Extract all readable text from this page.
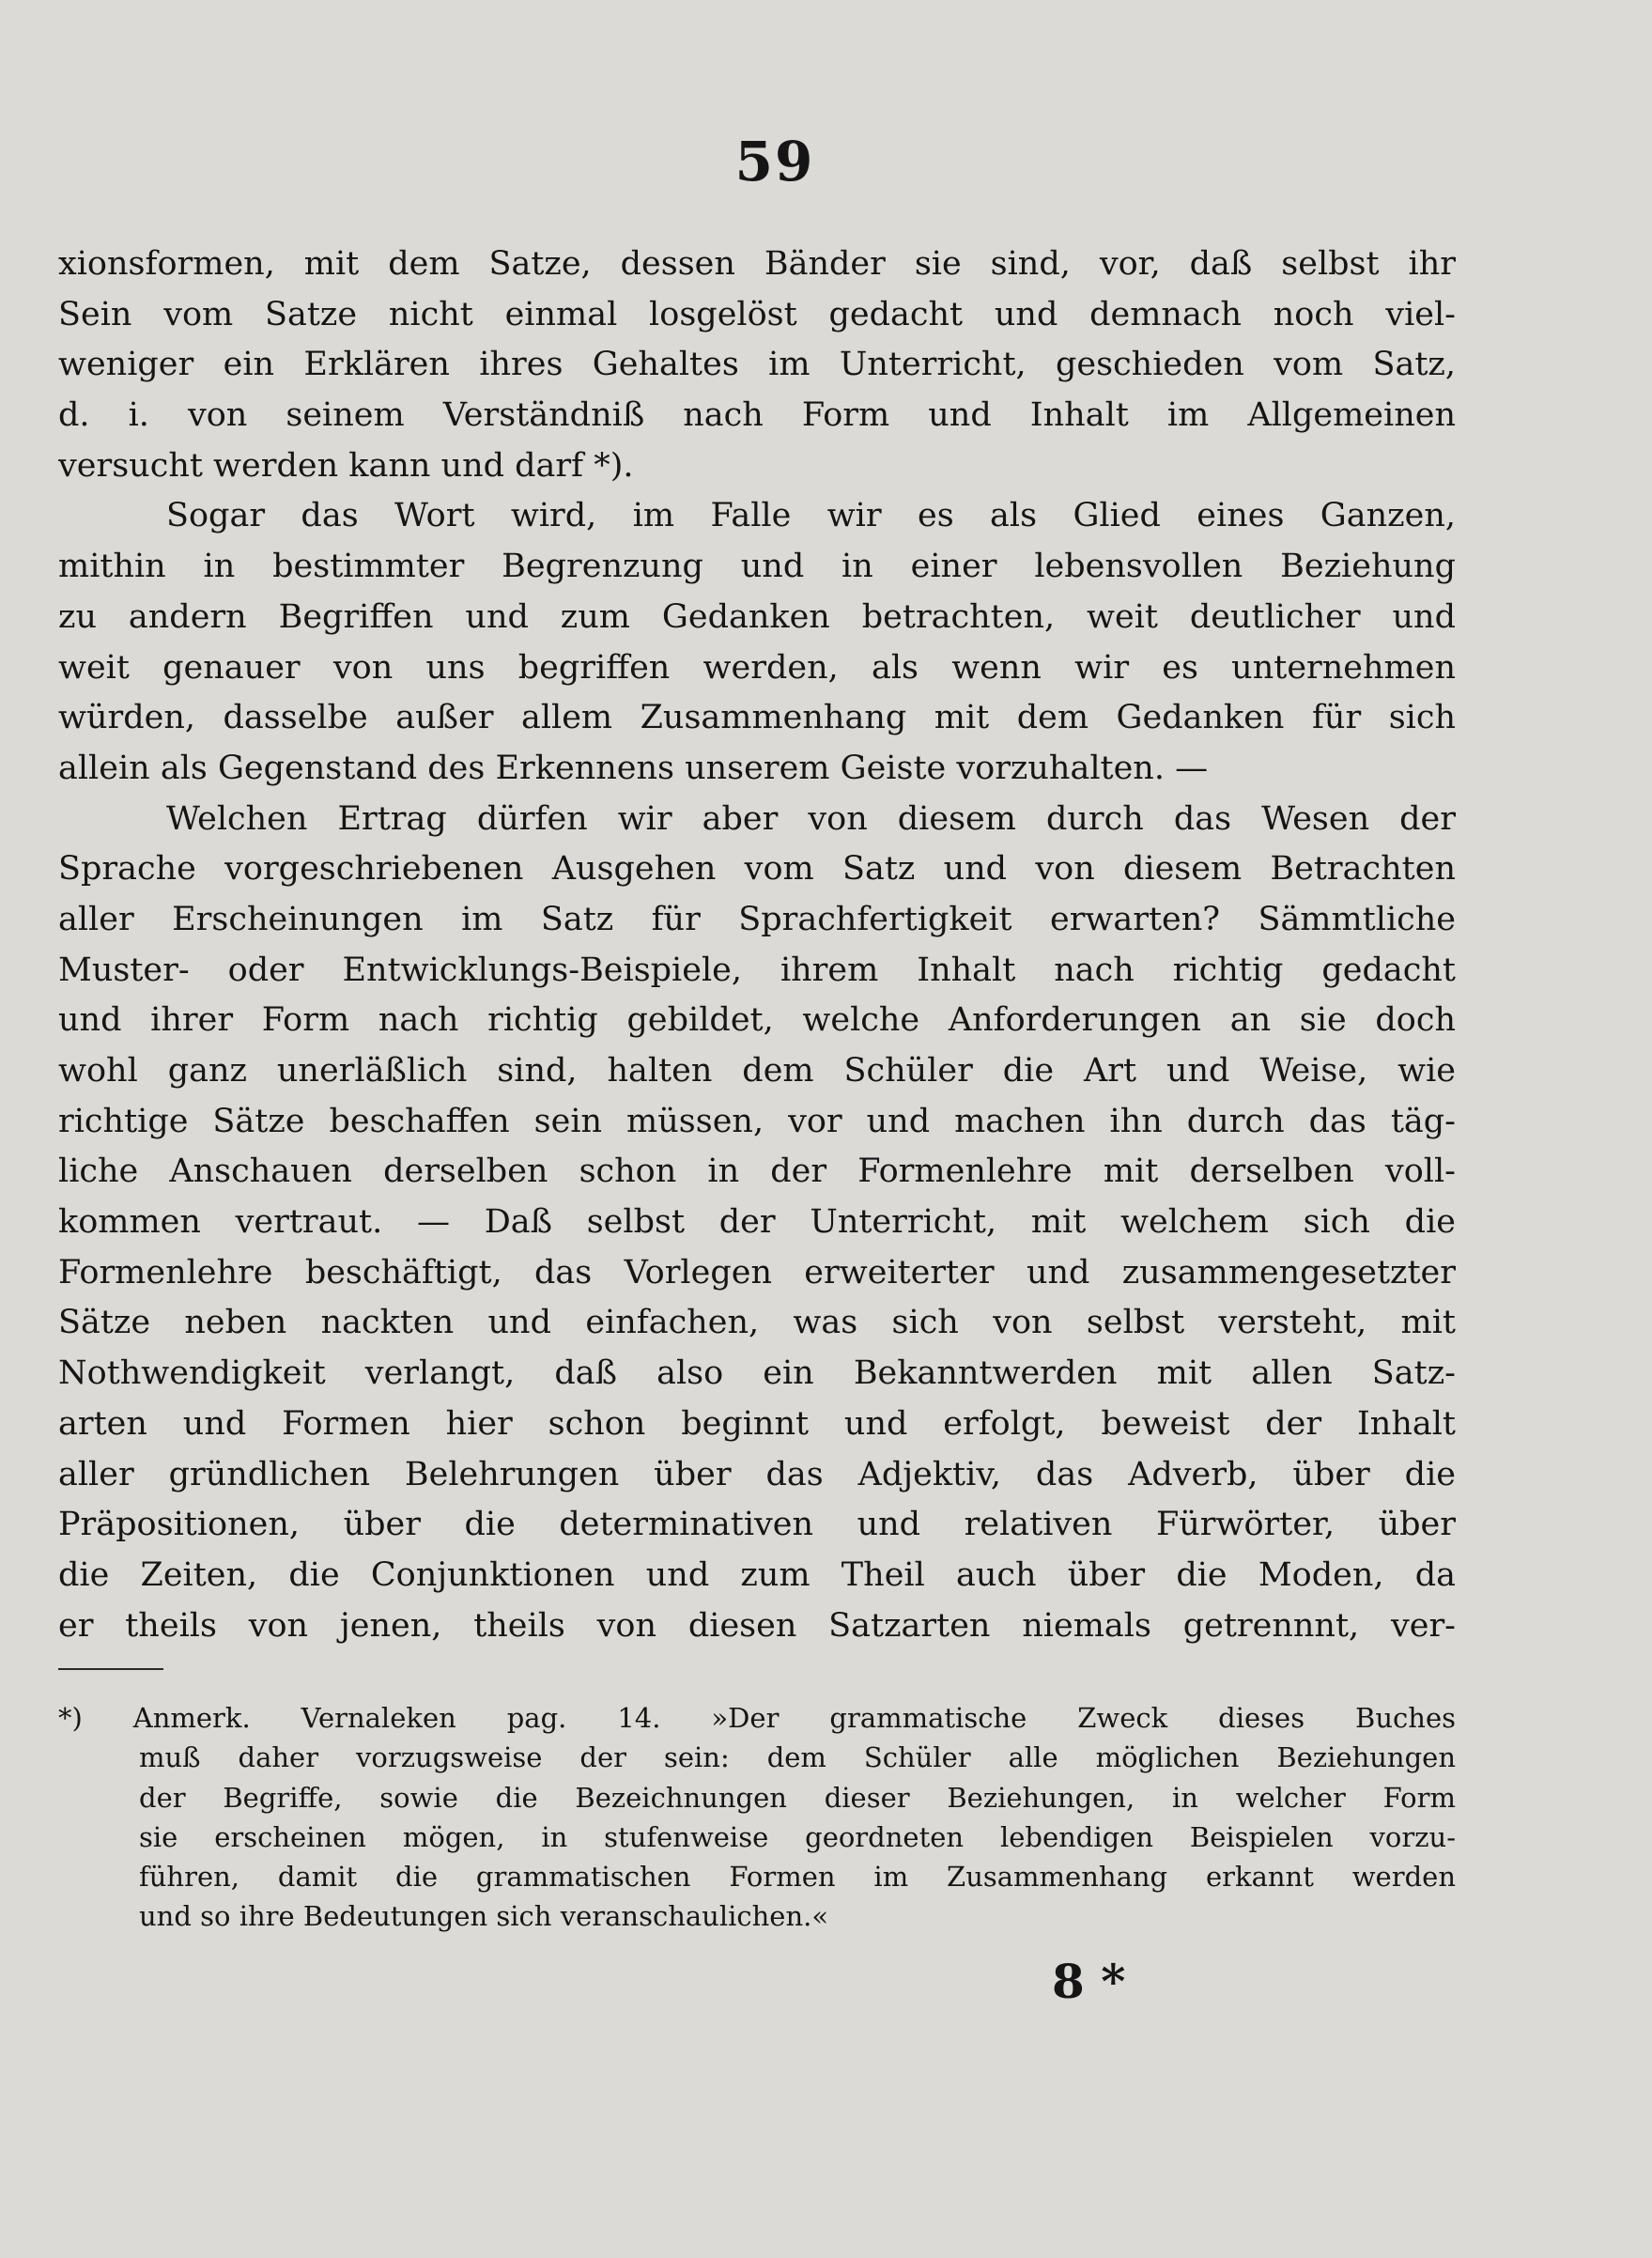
59
xionsformen, mit dem Satze, dessen Bänder sie sind, vor, daß selbst ihr
Sein vom Satze nicht einmal losgelöst gedacht und demnach noch viel-
weniger ein Erklären ihres Gehaltes im Unterricht, geschieden vom Satz,
d. i. von seinem Verständniß nach Form und Inhalt im Allgemeinen
versucht werden kann und darf *).
Sogar das Wort wird, im Falle wir es als Glied eines Ganzen,
mithin in bestimmter Begrenzung und in einer lebensvollen Beziehung
zu andern Begriffen und zum Gedanken betrachten, weit deutlicher und
weit genauer von uns begriffen werden, als wenn wir es unternehmen
würden, dasselbe außer allem Zusammenhang mit dem Gedanken für sich
allein als Gegenstand des Erkennens unserem Geiste vorzuhalten. —
Welchen Ertrag dürfen wir aber von diesem durch das Wesen der
Sprache vorgeschriebenen Ausgehen vom Satz und von diesem Betrachten
aller Erscheinungen im Satz für Sprachfertigkeit erwarten? Sämmtliche
Muster- oder Entwicklungs-Beispiele, ihrem Inhalt nach richtig gedacht
und ihrer Form nach richtig gebildet, welche Anforderungen an sie doch
wohl ganz unerläßlich sind, halten dem Schüler die Art und Weise, wie
richtige Sätze beschaffen sein müssen, vor und machen ihn durch das täg-
liche Anschauen derselben schon in der Formenlehre mit derselben voll-
kommen vertraut. — Daß selbst der Unterricht, mit welchem sich die
Formenlehre beschäftigt, das Vorlegen erweiterter und zusammengesetzter
Sätze neben nackten und einfachen, was sich von selbst versteht, mit
Nothwendigkeit verlangt, daß also ein Bekanntwerden mit allen Satz-
arten und Formen hier schon beginnt und erfolgt, beweist der Inhalt
aller gründlichen Belehrungen über das Adjektiv, das Adverb, über die
Präpositionen, über die determinativen und relativen Fürwörter, über
die Zeiten, die Conjunktionen und zum Theil auch über die Moden, da
er theils von jenen, theils von diesen Satzarten niemals getrennnt, ver-
*) Anmerk. Vernaleken pag. 14. »Der grammatische Zweck dieses Buches
muß daher vorzugsweise der sein: dem Schüler alle möglichen Beziehungen
der Begriffe, sowie die Bezeichnungen dieser Beziehungen, in welcher Form
sie erscheinen mögen, in stufenweise geordneten lebendigen Beispielen vorzu-
führen, damit die grammatischen Formen im Zusammenhang erkannt werden
und so ihre Bedeutungen sich veranschaulichen.«
8 *
